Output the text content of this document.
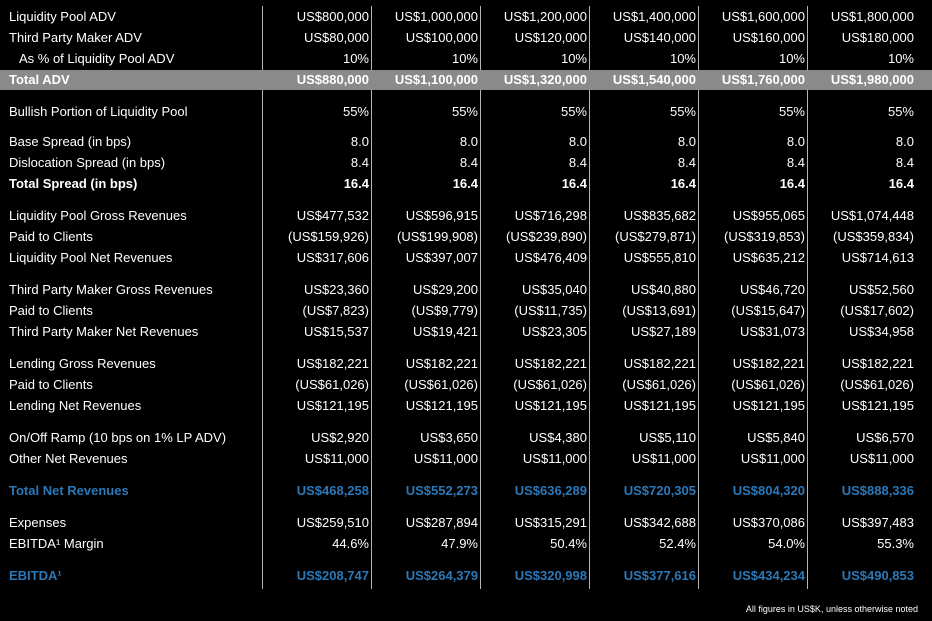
Liquidity Pool ADV	US$800,000	US$1,000,000	US$1,200,000	US$1,400,000	US$1,600,000	US$1,800,000
Third Party Maker ADV	US$80,000	US$100,000	US$120,000	US$140,000	US$160,000	US$180,000
As % of Liquidity Pool ADV	10%	10%	10%	10%	10%	10%
Total ADV	US$880,000	US$1,100,000	US$1,320,000	US$1,540,000	US$1,760,000	US$1,980,000
Bullish Portion of Liquidity Pool	55%	55%	55%	55%	55%	55%
Base Spread (in bps)	8.0	8.0	8.0	8.0	8.0	8.0
Dislocation Spread (in bps)	8.4	8.4	8.4	8.4	8.4	8.4
Total Spread (in bps)	16.4	16.4	16.4	16.4	16.4	16.4
Liquidity Pool Gross Revenues	US$477,532	US$596,915	US$716,298	US$835,682	US$955,065	US$1,074,448
Paid to Clients	(US$159,926)	(US$199,908)	(US$239,890)	(US$279,871)	(US$319,853)	(US$359,834)
Liquidity Pool Net Revenues	US$317,606	US$397,007	US$476,409	US$555,810	US$635,212	US$714,613
Third Party Maker Gross Revenues	US$23,360	US$29,200	US$35,040	US$40,880	US$46,720	US$52,560
Paid to Clients	(US$7,823)	(US$9,779)	(US$11,735)	(US$13,691)	(US$15,647)	(US$17,602)
Third Party Maker Net Revenues	US$15,537	US$19,421	US$23,305	US$27,189	US$31,073	US$34,958
Lending Gross Revenues	US$182,221	US$182,221	US$182,221	US$182,221	US$182,221	US$182,221
Paid to Clients	(US$61,026)	(US$61,026)	(US$61,026)	(US$61,026)	(US$61,026)	(US$61,026)
Lending Net Revenues	US$121,195	US$121,195	US$121,195	US$121,195	US$121,195	US$121,195
On/Off Ramp (10 bps on 1% LP ADV)	US$2,920	US$3,650	US$4,380	US$5,110	US$5,840	US$6,570
Other Net Revenues	US$11,000	US$11,000	US$11,000	US$11,000	US$11,000	US$11,000
Total Net Revenues	US$468,258	US$552,273	US$636,289	US$720,305	US$804,320	US$888,336
Expenses	US$259,510	US$287,894	US$315,291	US$342,688	US$370,086	US$397,483
EBITDA¹ Margin	44.6%	47.9%	50.4%	52.4%	54.0%	55.3%
EBITDA¹	US$208,747	US$264,379	US$320,998	US$377,616	US$434,234	US$490,853
All figures in US$K, unless otherwise noted
